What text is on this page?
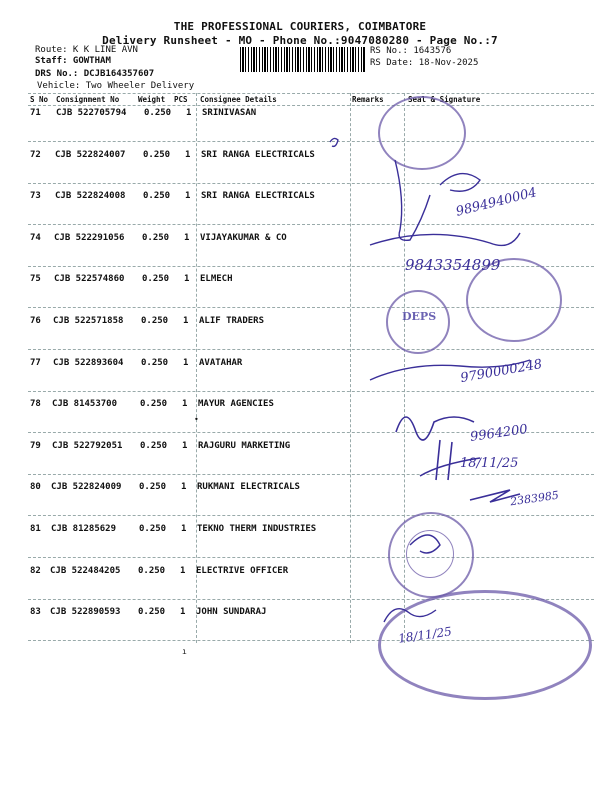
THE PROFESSIONAL COURIERS, COIMBATORE
Delivery Runsheet - MO - Phone No.:9047080280 - Page No.:7
Route: K K LINE AVN
Staff: GOWTHAM
DRS No.: DCJB164357607
Vehicle: Two Wheeler Delivery
RS No.: 1643576
RS Date: 18-Nov-2025
S No Consignment No	Weight PCS Consignee Details	Remarks	Seal & Signature
71 CJB 522705794 0.250 1 SRINIVASAN
72 CJB 522824007 0.250 1 SRI RANGA ELECTRICALS
73 CJB 522824008 0.250 1 SRI RANGA ELECTRICALS
74 CJB 522291056 0.250 1 VIJAYAKUMAR & CO
75 CJB 522574860 0.250 1 ELMECH
76 CJB 522571858 0.250 1 ALIF TRADERS
77 CJB 522893604 0.250 1 AVATAHAR
78 CJB 81453700	0.250 1 MAYUR AGENCIES
79 CJB 522792051 0.250 1 RAJGURU MARKETING
80 CJB 522824009 0.250 1 RUKMANI ELECTRICALS
81 CJB 81285629	0.250 1 TEKNO THERM INDUSTRIES
82 CJB 522484205 0.250 1 ELECTRIVE OFFICER
83 CJB 522890593 0.250 1 JOHN SUNDARAJ
DEPS
9894940004
9843354899
9790000248
9964200
18/11/25
2383985
18/11/25
•
ı
